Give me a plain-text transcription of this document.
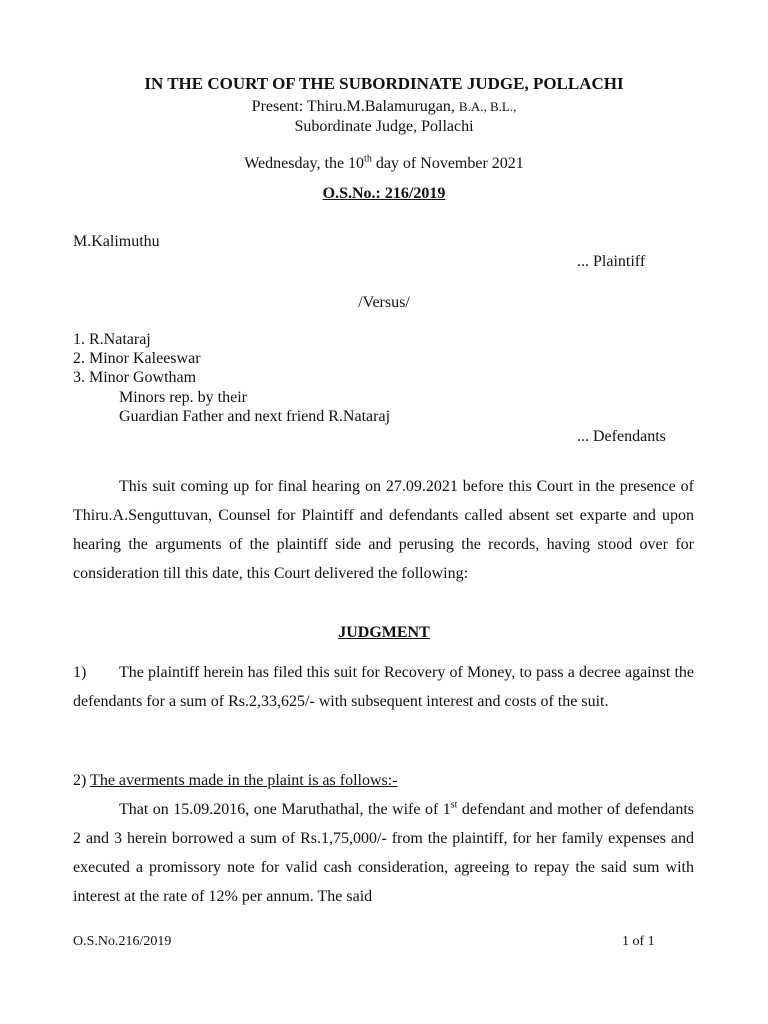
IN THE COURT OF THE SUBORDINATE JUDGE, POLLACHI
Present: Thiru.M.Balamurugan, B.A., B.L.,
Subordinate Judge, Pollachi
Wednesday, the 10th day of November 2021
O.S.No.: 216/2019
M.Kalimuthu
... Plaintiff
/Versus/
1. R.Nataraj
2. Minor Kaleeswar
3. Minor Gowtham
Minors rep. by their
Guardian Father and next friend R.Nataraj
... Defendants
This suit coming up for final hearing on 27.09.2021 before this Court in the presence of Thiru.A.Senguttuvan, Counsel for Plaintiff and defendants called absent set exparte and upon hearing the arguments of the plaintiff side and perusing the records, having stood over for consideration till this date, this Court delivered the following:
JUDGMENT
1) The plaintiff herein has filed this suit for Recovery of Money, to pass a decree against the defendants for a sum of Rs.2,33,625/- with subsequent interest and costs of the suit.
2) The averments made in the plaint is as follows:-
That on 15.09.2016, one Maruthathal, the wife of 1st defendant and mother of defendants 2 and 3 herein borrowed a sum of Rs.1,75,000/- from the plaintiff, for her family expenses and executed a promissory note for valid cash consideration, agreeing to repay the said sum with interest at the rate of 12% per annum. The said
O.S.No.216/2019	1 of 1
